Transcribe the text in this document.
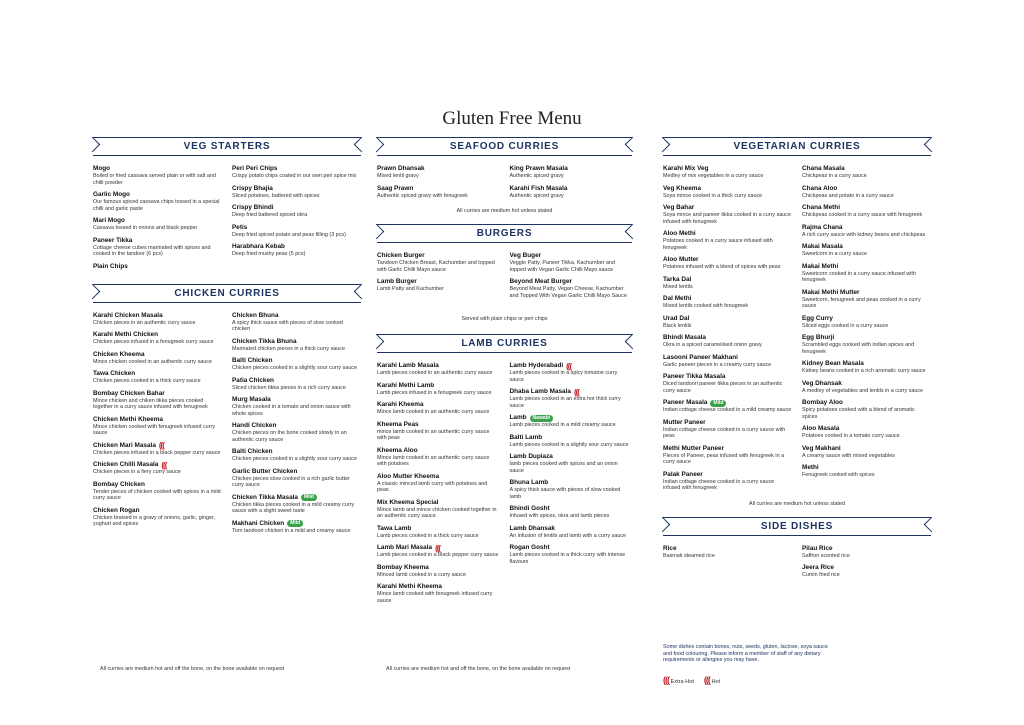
Gluten Free Menu
VEG STARTERS
Mogo
Boiled or fried cassava served plain or with salt and chilli powder
Garlic Mogo
Our famous spiced cassava chips tossed in a special chilli and garlic paste
Mari Mogo
Cassava tossed in onions and black pepper
Paneer Tikka
Cottage cheese cubes marinated with spices and cooked in the tandoor (6 pcs)
Plain Chips
Peri Peri Chips
Crispy potato chips coated in our own peri spice mix
Crispy Bhajia
Sliced potatoes, battered with spices
Crispy Bhindi
Deep fried battered spiced okra
Petis
Deep fried spiced potato and peas filling (3 pcs)
Harabhara Kebab
Deep fried mushy peas (5 pcs)
CHICKEN CURRIES
Karahi Chicken Masala
Chicken pieces in an authentic curry sauce
Karahi Methi Chicken
Chicken pieces infused in a fenugreek curry sauce
Chicken Kheema
Mince chicken cooked in an authentic curry sauce
Tawa Chicken
Chicken pieces cooked in a thick curry sauce
Bombay Chicken Bahar
Mince chicken and chiken tikka pieces cooked together in a curry sauce infused with fenugreek
Chicken Methi Kheema
Mince chicken cooked with fenugreek infused curry sauce
Chicken Mari Masala (((
Chicken pieces infused in a black pepper curry sauce
Chicken Chilli Masala (((
Chicken pieces in a fiery curry sauce
Bombay Chicken
Tender pieces of chicken cooked with spices in a mild curry sauce
Chicken Rogan
Chicken braised in a gravy of onions, garlic, ginger, yoghurt and spices
Chicken Bhuna
A spicy thick sauce with pieces of slow cooked chicken
Chicken Tikka Bhuna
Marinated chicken pieces in a thick curry sauce
Balti Chicken
Chicken pieces cooked in a slightly sour curry sauce
Patia Chicken
Sliced chicken tikka pieces in a rich curry sauce
Murg Masala
Chicken cooked in a tomato and onion sauce with whole spices
Handi Chicken
Chicken pieces on the bone cooked slowly in an authentic curry sauce
Balti Chicken
Chicken pieces cooked in a slightly sour curry sauce
Garlic Butter Chicken
Chicken pieces slow cooked in a rich garlic butter curry sauce
Chicken Tikka Masala	Mild
Chicken tikka pieces cooked in a mild creamy curry sauce with a slight sweet taste
Makhani Chicken	Mild
Torn tandoori chicken in a mild and creamy sauce
All curries are medium hot and off the bone, on the bone available on request
SEAFOOD CURRIES
Prawn Dhansak
Mixed lentil gravy
Saag Prawn
Authentic spiced gravy with fenugreek
King Prawn Masala
Authentic spiced gravy
Karahi Fish Masala
Authentic spiced gravy
All curries are medium hot unless stated
BURGERS
Chicken Burger
Tandoori Chicken Breast, Kachumber and topped with Garlic Chilli Mayo sauce
Lamb Burger
Lamb Patty and Kachumber
Veg Buger
Veggie Patty, Paneer Tikka, Kachumber and topped with Vegan Garlic Chilli Mayo sauce
Beyond Meat Burger
Beyond Meat Patty, Vegan Cheese, Kachumber and Topped With Vegan Garlic Chilli Mayo Sauce
Served with plain chips or peri chips
LAMB CURRIES
Karahi Lamb Masala
Lamb pieces cooked in an authentic curry sauce
Karahi Methi Lamb
Lamb pieces infused in a fenugreek curry sauce
Karahi Kheema
Mince lamb cooked in an authentic curry sauce
Kheema Peas
mince lamb cooked in an authentic curry sauce with peas
Kheema Aloo
Mince lamb cooked in an authentic curry sauce with potatoes
Aloo Mutter Kheema
A classic minced lamb curry with potatoes and peas
Mix Kheema Special
Mince lamb and mince chicken cooked together in an authentic curry sauce
Tawa Lamb
Lamb pieces cooked in a thick curry sauce
Lamb Mari Masala (((
Lamb pieces cooked in a black pepper curry sauce
Bombay Kheema
Minced lamb cooked in a curry sauce
Karahi Methi Kheema
Mince lamb cooked with fenugreek infused curry sauce
Lamb Hyderabadi (((
Lamb pieces cooked in a spicy tomatoe curry sauce
Dhaba Lamb Masala (((
Lamb pieces cooked in an extra hot thick curry sauce
Lamb	Nawabi
Lamb pieces cooked in a mild creamy sauce
Balti Lamb
Lamb pieces cooked in a slightly sour curry sauce
Lamb Dupiaza
lamb pieces cooked with spices and an onion sauce
Bhuna Lamb
A spicy thick sauce with pieces of slow cooked lamb
Bhindi Gosht
Infused with spices, okra and lamb pieces
Lamb Dhansak
An infusion of lentils and lamb with a curry sauce
Rogan Gosht
Lamb pieces cooked in a thick curry with intense flavours
All curries are medium hot and off the bone, on the bone available on request
VEGETARIAN CURRIES
Karahi Mix Veg
Medley of mix vegetables in a curry sauce
Veg Kheema
Soya mince cooked in a thick curry sauce
Veg Bahar
Soya mince and paneer tikka cooked in a curry sauce infused with fenugreek
Aloo Methi
Potatoes cooked in a curry sauce infused with fenugreek
Aloo Mutter
Potatoes infused with a blend of spices with peas
Tarka Dal
Mixed lentils
Dal Methi
Mixed lentils cooked with fenugreek
Urad Dal
Black lentils
Bhindi Masala
Okra in a spiced caramelised onion gravy
Lasooni Paneer Makhani
Garlic paneer pieces in a creamy curry sauce
Paneer Tikka Masala
Diced tandoori paneer tikka pieces in an authentic curry sauce
Paneer Masala	Mild
Indian cottage cheese cooked in a mild creamy sauce
Mutter Paneer
Indian cottage cheese cooked in a curry sauce with peas
Methi Mutter Paneer
Pieces of Paneer, peas infused with fenugreek in a curry sauce
Palak Paneer
Indian cottage cheese cooked in a curry sauce infused with fenugreek
Chana Masala
Chickpeas in a curry sauce
Chana Aloo
Chickpeas and potato in a curry sauce
Chana Methi
Chickpeas cooked in a curry sauce with fenugreek
Rajma Chana
A rich curry sauce with kidney beans and chickpeas
Makai Masala
Sweetcorn in a curry sauce
Makai Methi
Sweetcorn cooked in a curry sauce infused with fenugreek
Makai Methi Mutter
Sweetcorn, fenugreek and peas cooked in a curry sauce
Egg Curry
Sliced eggs cooked in a curry sauce
Egg Bhurji
Scrambled eggs cooked with indian spices and fenugreek
Kidney Bean Masala
Kidney beans cooked in a rich aromatic curry sauce
Veg Dhansak
A medley of vegetables and lentils in a curry sauce
Bombay Aloo
Spicy potatoes cooked with a blend of aromatic spices
Aloo Masala
Potatoes cooked in a tomato curry sauce
Veg Makhani
A creamy sauce with mixed vegetables
Methi
Fenugreek cooked with spices
All curries are medium hot unless stated
SIDE DISHES
Rice
Basmati steamed rice
Pilau Rice
Saffron scented rice
Jeera Rice
Cumin fried rice
Some dishes contain bones, nuts, seeds, gluten, lactose, soya sauce and food colouring. Please inform a member of staff of any dietary requirements or allergies you may have.
((( Extra Hot ((( Hot
